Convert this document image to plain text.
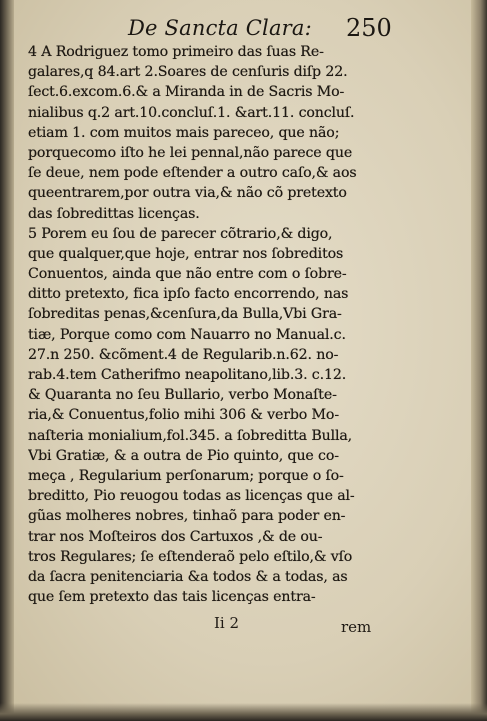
De Sancta Clara: 250
4 A Rodriguez tomo primeiro das ſuas Re-
galares,q 84.art 2.Soares de cenſuris diſp 22.
ſect.6.excom.6.& a Miranda in de Sacris Mo-
nialibus q.2 art.10.concluſ.1. &art.11. concluſ.
etiam 1. com muitos mais pareceo, que não;
porquecomo iſto he lei pennal,não parece que
ſe deue, nem pode eſtender a outro caſo,& aos
queentrarem,por outra via,& não cõ pretexto
das ſobredittas licenças.
5 Porem eu ſou de parecer cõtrario,& digo,
que qualquer,que hoje, entrar nos ſobreditos
Conuentos, ainda que não entre com o ſobre-
ditto pretexto, fica ipſo facto encorrendo, nas
ſobreditas penas,&cenſura,da Bulla,Vbi Gra-
tiæ, Porque como com Nauarro no Manual.c.
27.n 250. &cõment.4 de Regularib.n.62. no-
rab.4.tem Catherifmo neapolitano,lib.3. c.12.
& Quaranta no ſeu Bullario, verbo Monaſte-
ria,& Conuentus,folio mihi 306 & verbo Mo-
naſteria monialium,fol.345. a ſobreditta Bulla,
Vbi Gratiæ, & a outra de Pio quinto, que co-
meça , Regularium perſonarum; porque o ſo-
breditto, Pio reuogou todas as licenças que al-
gũas molheres nobres, tinhaõ para poder en-
trar nos Moſteiros dos Cartuxos ,& de ou-
tros Regulares; ſe eſtenderaõ pelo eſtilo,& vſo
da ſacra penitenciaria &a todos & a todas, as
que ſem pretexto das tais licenças entra-
Ii 2	rem
